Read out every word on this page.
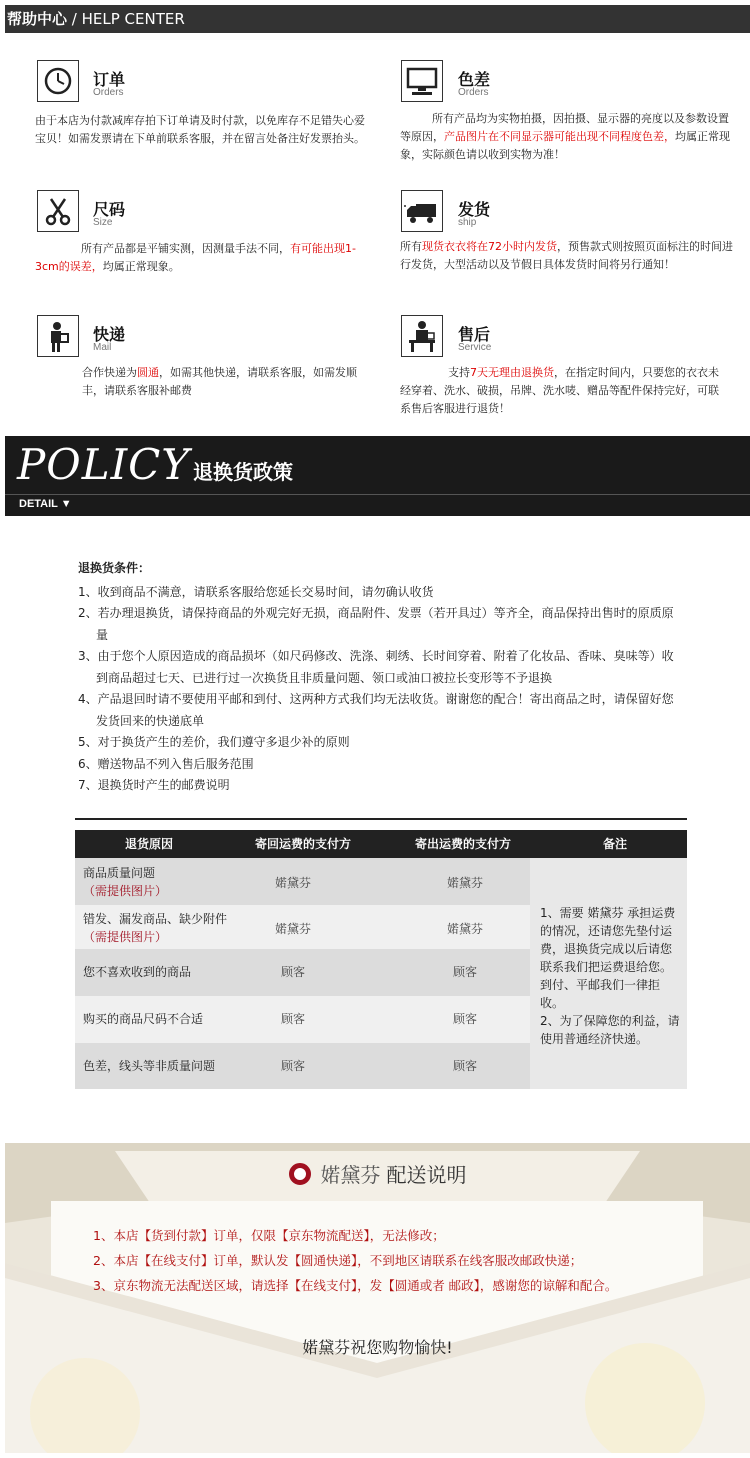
帮助中心 / HELP CENTER
订单
Orders
由于本店为付款减库存拍下订单请及时付款，以免库存不足错失心爱宝贝！如需发票请在下单前联系客服，并在留言处备注好发票抬头。
色差
Orders
所有产品均为实物拍摄，因拍摄、显示器的亮度以及参数设置等原因，产品图片在不同显示器可能出现不同程度色差，均属正常现象，实际颜色请以收到实物为准！
尺码
Size
所有产品都是平铺实测，因测量手法不同，有可能出现1-3cm的误差，均属正常现象。
发货
ship
所有现货衣衣将在72小时内发货，预售款式则按照页面标注的时间进行发货，大型活动以及节假日具体发货时间将另行通知！
快递
Mail
合作快递为圆通，如需其他快递，请联系客服，如需发顺丰，请联系客服补邮费
售后
Service
支持7天无理由退换货，在指定时间内，只要您的衣衣未经穿着、洗水、破损，吊牌、洗水唛、赠品等配件保持完好，可联系售后客服进行退货！
POLICY 退换货政策
DETAIL ▼
退换货条件：
1、收到商品不满意，请联系客服给您延长交易时间，请勿确认收货
2、若办理退换货，请保持商品的外观完好无损，商品附件、发票（若开具过）等齐全，商品保持出售时的原质原量
3、由于您个人原因造成的商品损坏（如尺码修改、洗涤、刺绣、长时间穿着、附着了化妆品、香味、臭味等）收到商品超过七天、已进行过一次换货且非质量问题、领口或油口被拉长变形等不予退换
4、产品退回时请不要使用平邮和到付、这两种方式我们均无法收货。谢谢您的配合！寄出商品之时，请保留好您发货回来的快递底单
5、对于换货产生的差价，我们遵守多退少补的原则
6、赠送物品不列入售后服务范围
7、退换货时产生的邮费说明
退货原因	寄回运费的支付方	寄出运费的支付方	备注
商品质量问题
（需提供图片）
婼黛芬	婼黛芬
错发、漏发商品、缺少附件
（需提供图片）
婼黛芬	婼黛芬
您不喜欢收到的商品	顾客	顾客
购买的商品尺码不合适	顾客	顾客
色差，线头等非质量问题	顾客	顾客
1、需要 婼黛芬 承担运费的情况，还请您先垫付运费，退换货完成以后请您联系我们把运费退给您。到付、平邮我们一律拒收。
2、为了保障您的利益，请使用普通经济快递。
婼黛芬 配送说明
1、本店【货到付款】订单，仅限【京东物流配送】，无法修改；
2、本店【在线支付】订单，默认发【圆通快递】，不到地区请联系在线客服改邮政快递；
3、京东物流无法配送区域，请选择【在线支付】，发【圆通或者 邮政】，感谢您的谅解和配合。
婼黛芬祝您购物愉快!
